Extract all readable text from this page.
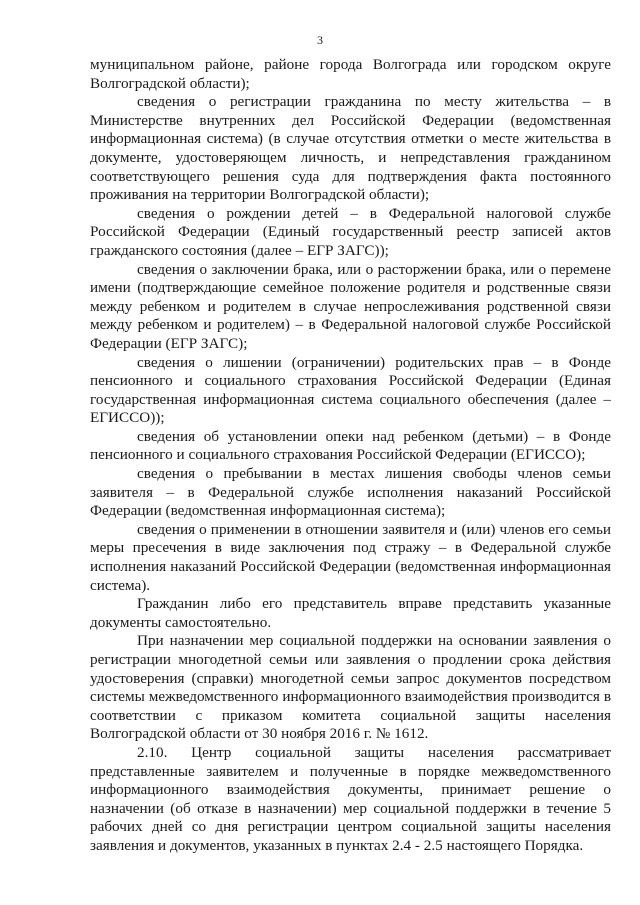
3

муниципальном районе, районе города Волгограда или городском округе Волгоградской области);

сведения о регистрации гражданина по месту жительства – в Министерстве внутренних дел Российской Федерации (ведомственная информационная система) (в случае отсутствия отметки о месте жительства в документе, удостоверяющем личность, и непредставления гражданином соответствующего решения суда для подтверждения факта постоянного проживания на территории Волгоградской области);

сведения о рождении детей – в Федеральной налоговой службе Российской Федерации (Единый государственный реестр записей актов гражданского состояния (далее – ЕГР ЗАГС));

сведения о заключении брака, или о расторжении брака, или о перемене имени (подтверждающие семейное положение родителя и родственные связи между ребенком и родителем в случае непрослеживания родственной связи между ребенком и родителем) – в Федеральной налоговой службе Российской Федерации (ЕГР ЗАГС);

сведения о лишении (ограничении) родительских прав – в Фонде пенсионного и социального страхования Российской Федерации (Единая государственная информационная система социального обеспечения (далее – ЕГИССО));

сведения об установлении опеки над ребенком (детьми) – в Фонде пенсионного и социального страхования Российской Федерации (ЕГИССО);

сведения о пребывании в местах лишения свободы членов семьи заявителя – в Федеральной службе исполнения наказаний Российской Федерации (ведомственная информационная система);

сведения о применении в отношении заявителя и (или) членов его семьи меры пресечения в виде заключения под стражу – в Федеральной службе исполнения наказаний Российской Федерации (ведомственная информационная система).

Гражданин либо его представитель вправе представить указанные документы самостоятельно.

При назначении мер социальной поддержки на основании заявления о регистрации многодетной семьи или заявления о продлении срока действия удостоверения (справки) многодетной семьи запрос документов посредством системы межведомственного информационного взаимодействия производится в соответствии с приказом комитета социальной защиты населения Волгоградской области от 30 ноября 2016 г. № 1612.

2.10. Центр социальной защиты населения рассматривает представленные заявителем и полученные в порядке межведомственного информационного взаимодействия документы, принимает решение о назначении (об отказе в назначении) мер социальной поддержки в течение 5 рабочих дней со дня регистрации центром социальной защиты населения заявления и документов, указанных в пунктах 2.4 - 2.5 настоящего Порядка.
